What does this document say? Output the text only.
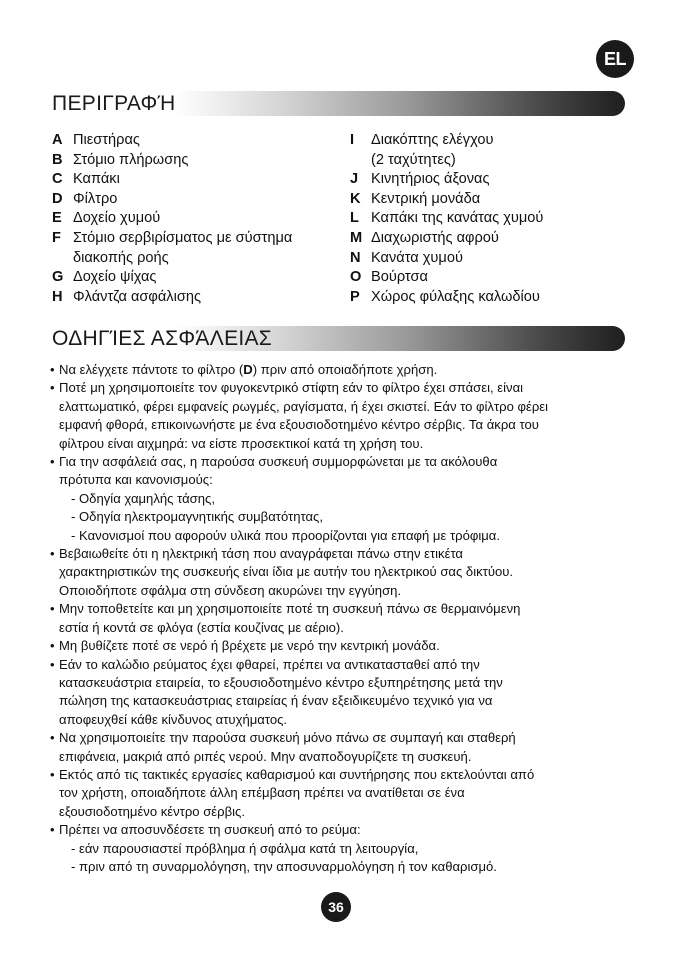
EL
ΠΕΡΙΓΡΑΦΉ
A Πιεστήρας
B Στόμιο πλήρωσης
C Καπάκι
D Φίλτρο
E Δοχείο χυμού
F Στόμιο σερβιρίσματος με σύστημα
διακοπής ροής
G Δοχείο ψίχας
H Φλάντζα ασφάλισης
I	Διακόπτης ελέγχου
(2 ταχύτητες)
J Κινητήριος άξονας
K Κεντρική μονάδα
L Καπάκι της κανάτας χυμού
M Διαχωριστής αφρού
N Κανάτα χυμού
O Βούρτσα
P Χώρος φύλαξης καλωδίου
ΟΔΗΓΊΕΣ ΑΣΦΆΛΕΙΑΣ
• Να ελέγχετε πάντοτε το φίλτρο (D) πριν από οποιαδήποτε χρήση.
• Ποτέ μη χρησιμοποιείτε τον φυγοκεντρικό στίφτη εάν το φίλτρο έχει σπάσει, είναι
ελαττωματικό, φέρει εμφανείς ρωγμές, ραγίσματα, ή έχει σκιστεί. Εάν το φίλτρο φέρει
εμφανή φθορά, επικοινωνήστε με ένα εξουσιοδοτημένο κέντρο σέρβις. Τα άκρα του
φίλτρου είναι αιχμηρά: να είστε προσεκτικοί κατά τη χρήση του.
• Για την ασφάλειά σας, η παρούσα συσκευή συμμορφώνεται με τα ακόλουθα
πρότυπα και κανονισμούς:
- Οδηγία χαμηλής τάσης,
- Οδηγία ηλεκτρομαγνητικής συμβατότητας,
- Κανονισμοί που αφορούν υλικά που προορίζονται για επαφή με τρόφιμα.
• Βεβαιωθείτε ότι η ηλεκτρική τάση που αναγράφεται πάνω στην ετικέτα
χαρακτηριστικών της συσκευής είναι ίδια με αυτήν του ηλεκτρικού σας δικτύου.
Οποιοδήποτε σφάλμα στη σύνδεση ακυρώνει την εγγύηση.
• Μην τοποθετείτε και μη χρησιμοποιείτε ποτέ τη συσκευή πάνω σε θερμαινόμενη
εστία ή κοντά σε φλόγα (εστία κουζίνας με αέριο).
• Μη βυθίζετε ποτέ σε νερό ή βρέχετε με νερό την κεντρική μονάδα.
• Εάν το καλώδιο ρεύματος έχει φθαρεί, πρέπει να αντικατασταθεί από την
κατασκευάστρια εταιρεία, το εξουσιοδοτημένο κέντρο εξυπηρέτησης μετά την
πώληση της κατασκευάστριας εταιρείας ή έναν εξειδικευμένο τεχνικό για να
αποφευχθεί κάθε κίνδυνος ατυχήματος.
• Να χρησιμοποιείτε την παρούσα συσκευή μόνο πάνω σε συμπαγή και σταθερή
επιφάνεια, μακριά από ριπές νερού. Μην αναποδογυρίζετε τη συσκευή.
• Εκτός από τις τακτικές εργασίες καθαρισμού και συντήρησης που εκτελούνται από
τον χρήστη, οποιαδήποτε άλλη επέμβαση πρέπει να ανατίθεται σε ένα
εξουσιοδοτημένο κέντρο σέρβις.
• Πρέπει να αποσυνδέσετε τη συσκευή από το ρεύμα:
- εάν παρουσιαστεί πρόβλημα ή σφάλμα κατά τη λειτουργία,
- πριν από τη συναρμολόγηση, την αποσυναρμολόγηση ή τον καθαρισμό.
36
